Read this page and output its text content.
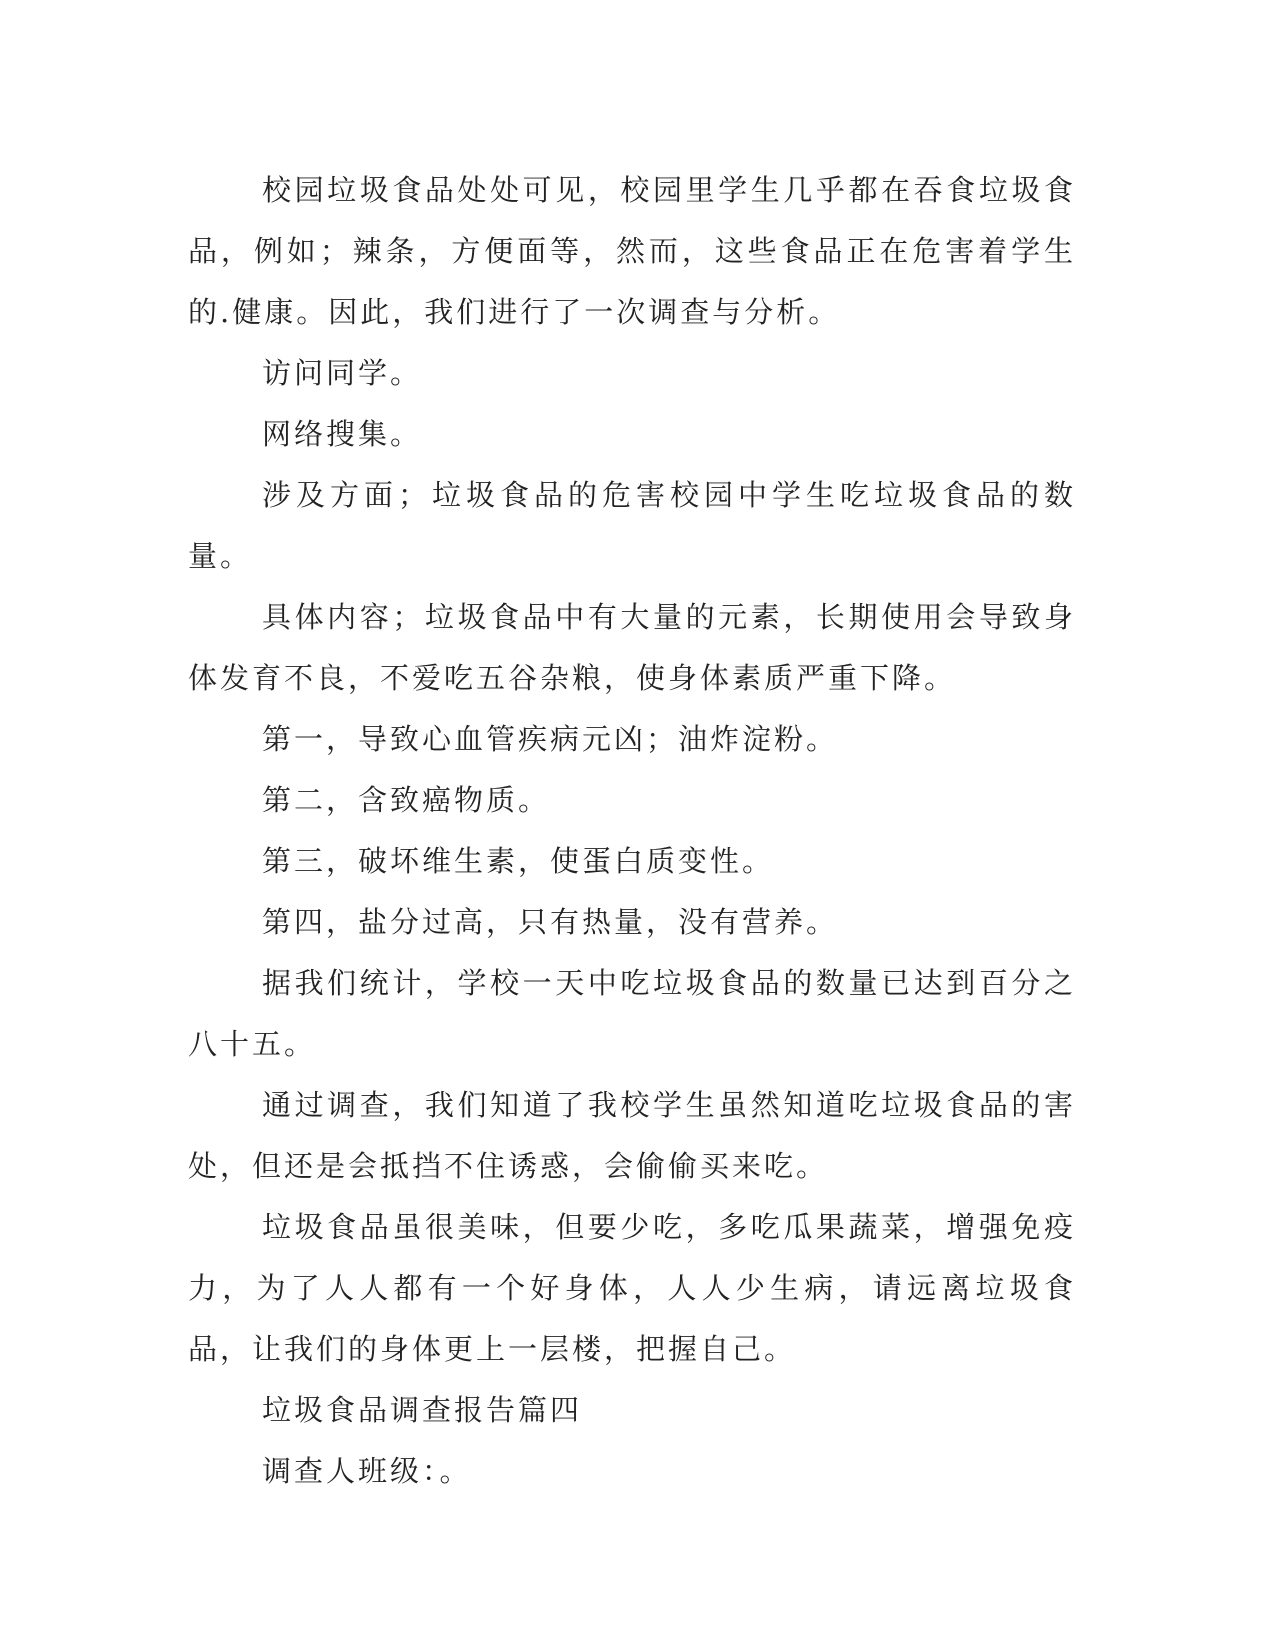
校园垃圾食品处处可见，校园里学生几乎都在吞食垃圾食品，例如；辣条，方便面等，然而，这些食品正在危害着学生的.健康。因此，我们进行了一次调查与分析。

访问同学。

网络搜集。

涉及方面；垃圾食品的危害校园中学生吃垃圾食品的数量。

具体内容；垃圾食品中有大量的元素，长期使用会导致身体发育不良，不爱吃五谷杂粮，使身体素质严重下降。

第一，导致心血管疾病元凶；油炸淀粉。

第二，含致癌物质。

第三，破坏维生素，使蛋白质变性。

第四，盐分过高，只有热量，没有营养。

据我们统计，学校一天中吃垃圾食品的数量已达到百分之八十五。

通过调查，我们知道了我校学生虽然知道吃垃圾食品的害处，但还是会抵挡不住诱惑，会偷偷买来吃。

垃圾食品虽很美味，但要少吃，多吃瓜果蔬菜，增强免疫力，为了人人都有一个好身体，人人少生病，请远离垃圾食品，让我们的身体更上一层楼，把握自己。

垃圾食品调查报告篇四

调查人班级：。
